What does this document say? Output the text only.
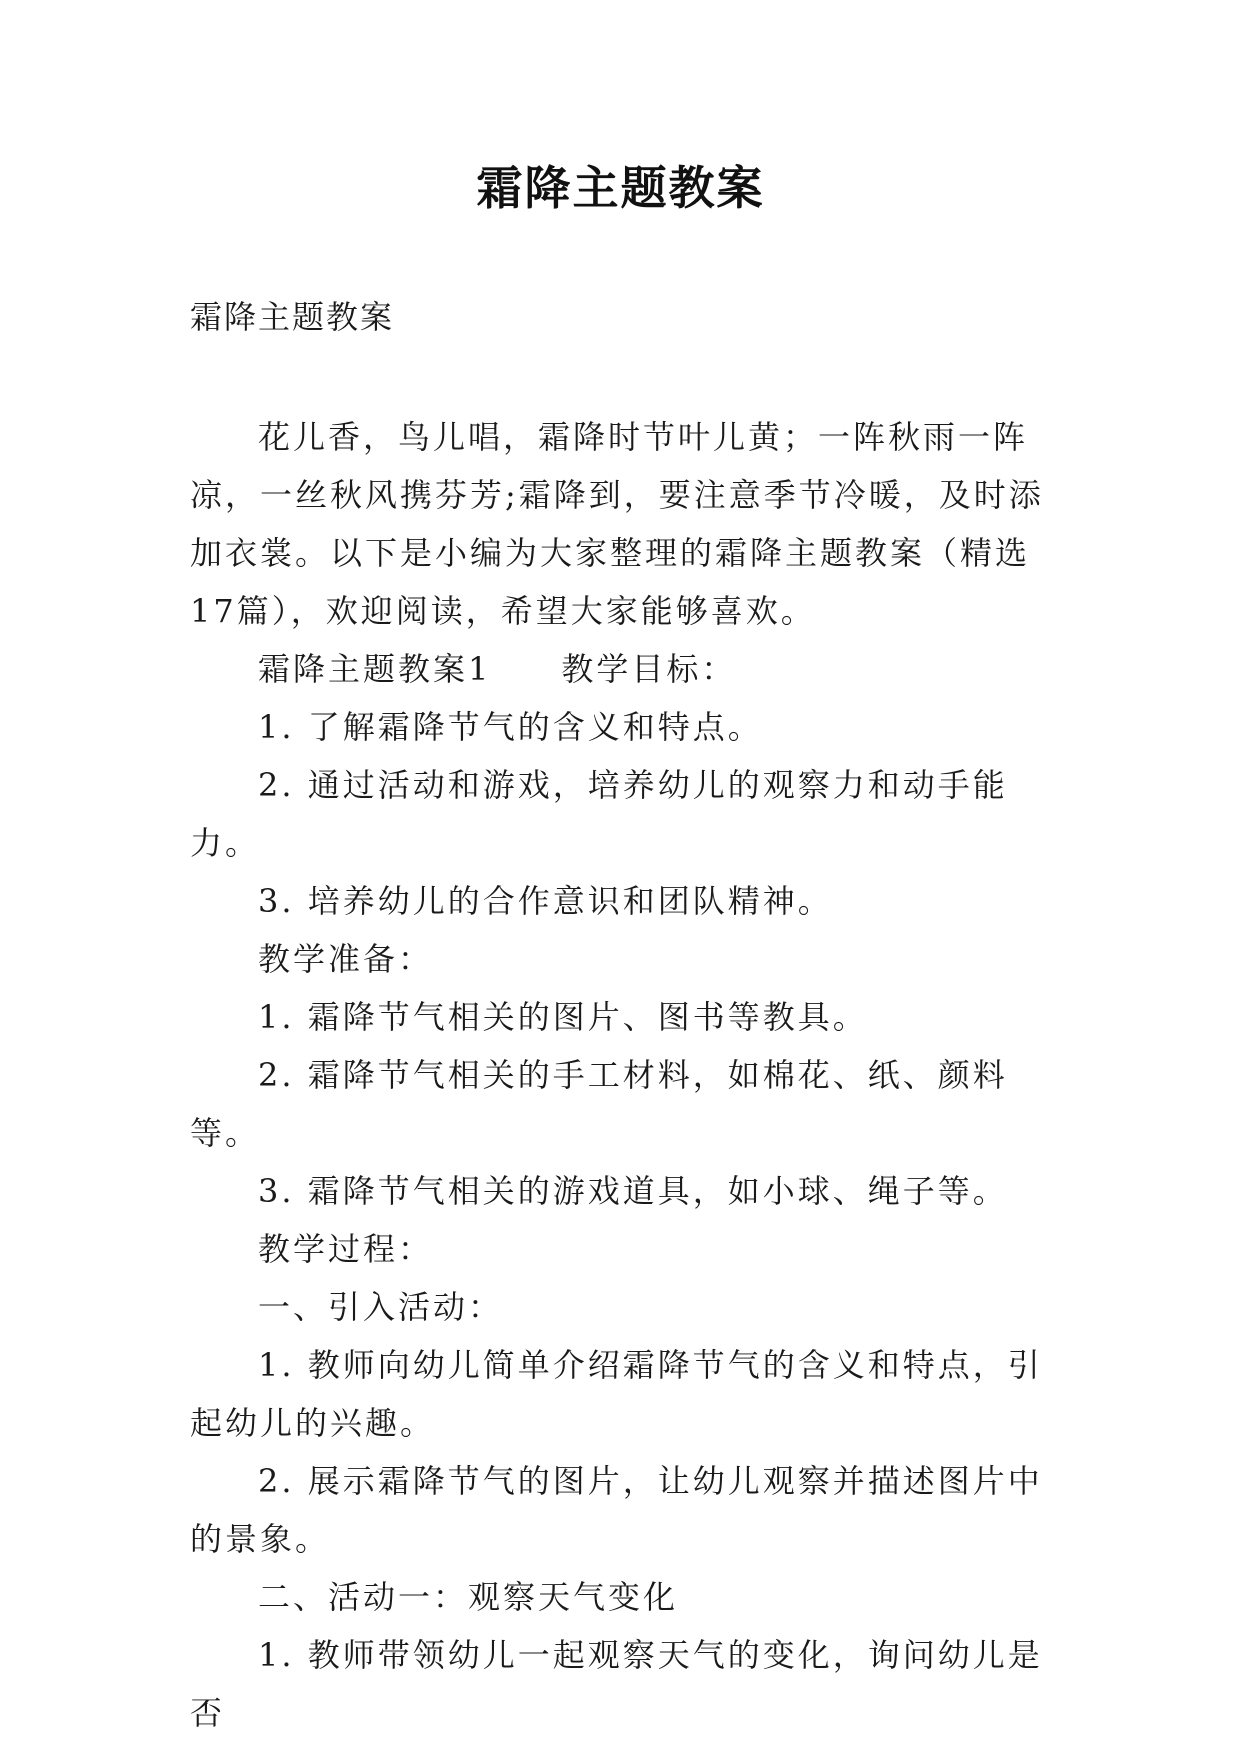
霜降主题教案
霜降主题教案

花儿香，鸟儿唱，霜降时节叶儿黄；一阵秋雨一阵凉，一丝秋风携芬芳;霜降到，要注意季节冷暖，及时添加衣裳。以下是小编为大家整理的霜降主题教案（精选17篇），欢迎阅读，希望大家能够喜欢。

霜降主题教案1　　教学目标：

1. 了解霜降节气的含义和特点。

2. 通过活动和游戏，培养幼儿的观察力和动手能力。

3. 培养幼儿的合作意识和团队精神。

教学准备：

1. 霜降节气相关的图片、图书等教具。

2. 霜降节气相关的手工材料，如棉花、纸、颜料等。

3. 霜降节气相关的游戏道具，如小球、绳子等。

教学过程：

一、引入活动：

1. 教师向幼儿简单介绍霜降节气的含义和特点，引起幼儿的兴趣。

2. 展示霜降节气的图片，让幼儿观察并描述图片中的景象。

二、活动一：观察天气变化

1. 教师带领幼儿一起观察天气的变化，询问幼儿是否
